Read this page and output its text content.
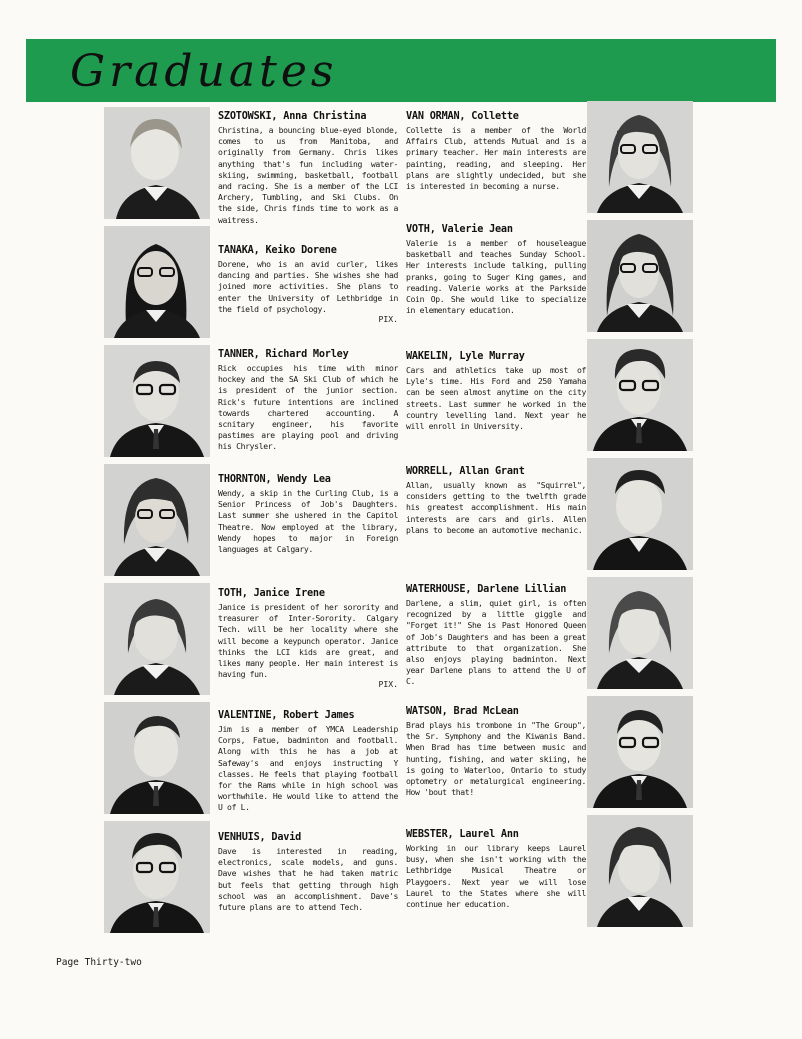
Graduates
SZOTOWSKI, Anna Christina

Christina, a bouncing blue-eyed blonde, comes to us from Manitoba, and originally from Germany. Chris likes anything that's fun including water-skiing, swimming, basketball, football and racing. She is a member of the LCI Archery, Tumbling, and Ski Clubs. On the side, Chris finds time to work as a waitress.

TANAKA, Keiko Dorene

Dorene, who is an avid curler, likes dancing and parties. She wishes she had joined more activities. She plans to enter the University of Lethbridge in the field of psychology.

PIX.
TANNER, Richard Morley

Rick occupies his time with minor hockey and the SA Ski Club of which he is president of the junior section. Rick's future intentions are inclined towards chartered accounting. A scnitary engineer, his favorite pastimes are playing pool and driving his Chrysler.

THORNTON, Wendy Lea

Wendy, a skip in the Curling Club, is a Senior Princess of Job's Daughters. Last summer she ushered in the Capitol Theatre. Now employed at the library, Wendy hopes to major in Foreign languages at Calgary.

TOTH, Janice Irene

Janice is president of her sorority and treasurer of Inter-Sorority. Calgary Tech. will be her locality where she will become a keypunch operator. Janice thinks the LCI kids are great, and likes many people. Her main interest is having fun.

PIX.
VALENTINE, Robert James

Jim is a member of YMCA Leadership Corps, Fatue, badminton and football. Along with this he has a job at Safeway's and enjoys instructing Y classes. He feels that playing football for the Rams while in high school was worthwhile. He would like to attend the U of L.

VENHUIS, David

Dave is interested in reading, electronics, scale models, and guns. Dave wishes that he had taken matric but feels that getting through high school was an accomplishment. Dave's future plans are to attend Tech.

VAN ORMAN, Collette

Collette is a member of the World Affairs Club, attends Mutual and is a primary teacher. Her main interests are painting, reading, and sleeping. Her plans are slightly undecided, but she is interested in becoming a nurse.

VOTH, Valerie Jean

Valerie is a member of houseleague basketball and teaches Sunday School. Her interests include talking, pulling pranks, going to Suger King games, and reading. Valerie works at the Parkside Coin Op. She would like to specialize in elementary education.

WAKELIN, Lyle Murray

Cars and athletics take up most of Lyle's time. His Ford and 250 Yamaha can be seen almost anytime on the city streets. Last summer he worked in the country levelling land. Next year he will enroll in University.

WORRELL, Allan Grant

Allan, usually known as "Squirrel", considers getting to the twelfth grade his greatest accomplishment. His main interests are cars and girls. Allen plans to become an automotive mechanic.

WATERHOUSE, Darlene Lillian

Darlene, a slim, quiet girl, is often recognized by a little giggle and "Forget it!" She is Past Honored Queen of Job's Daughters and has been a great attribute to that organization. She also enjoys playing badminton. Next year Darlene plans to attend the U of C.

WATSON, Brad McLean

Brad plays his trombone in "The Group", the Sr. Symphony and the Kiwanis Band. When Brad has time between music and hunting, fishing, and water skiing, he is going to Waterloo, Ontario to study optometry or metalurgical engineering. How 'bout that!

WEBSTER, Laurel Ann

Working in our library keeps Laurel busy, when she isn't working with the Lethbridge Musical Theatre or Playgoers. Next year we will lose Laurel to the States where she will continue her education.

Page Thirty-two
